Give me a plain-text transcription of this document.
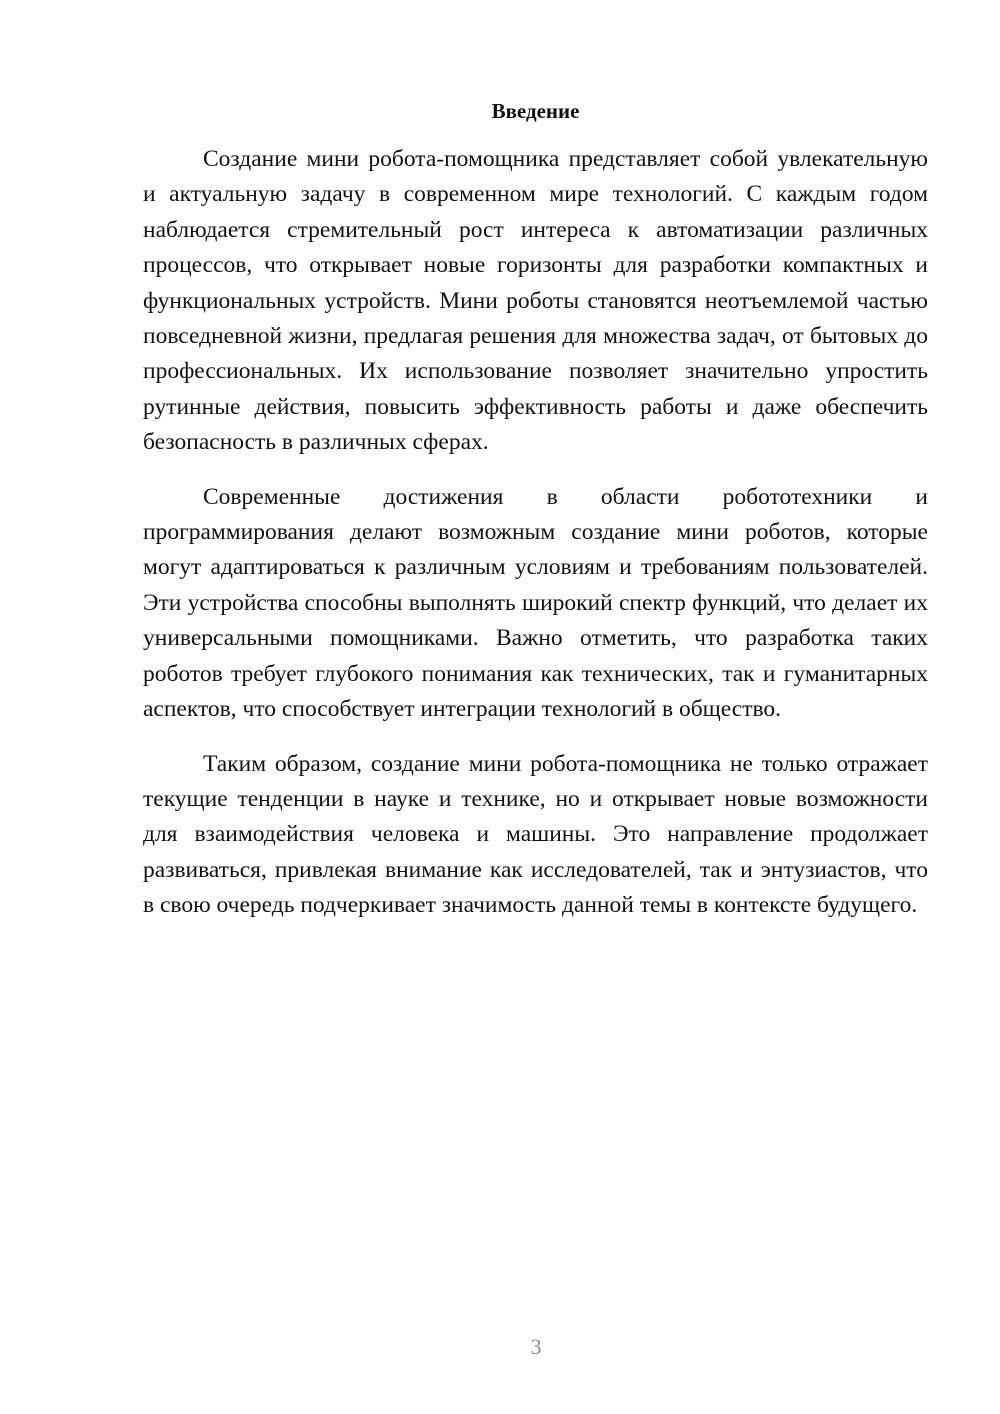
Введение

Создание мини робота-помощника представляет собой увлекательную и актуальную задачу в современном мире технологий. С каждым годом наблюдается стремительный рост интереса к автоматизации различных процессов, что открывает новые горизонты для разработки компактных и функциональных устройств. Мини роботы становятся неотъемлемой частью повседневной жизни, предлагая решения для множества задач, от бытовых до профессиональных. Их использование позволяет значительно упростить рутинные действия, повысить эффективность работы и даже обеспечить безопасность в различных сферах.

Современные достижения в области робототехники и программирования делают возможным создание мини роботов, которые могут адаптироваться к различным условиям и требованиям пользователей. Эти устройства способны выполнять широкий спектр функций, что делает их универсальными помощниками. Важно отметить, что разработка таких роботов требует глубокого понимания как технических, так и гуманитарных аспектов, что способствует интеграции технологий в общество.

Таким образом, создание мини робота-помощника не только отражает текущие тенденции в науке и технике, но и открывает новые возможности для взаимодействия человека и машины. Это направление продолжает развиваться, привлекая внимание как исследователей, так и энтузиастов, что в свою очередь подчеркивает значимость данной темы в контексте будущего.

3
